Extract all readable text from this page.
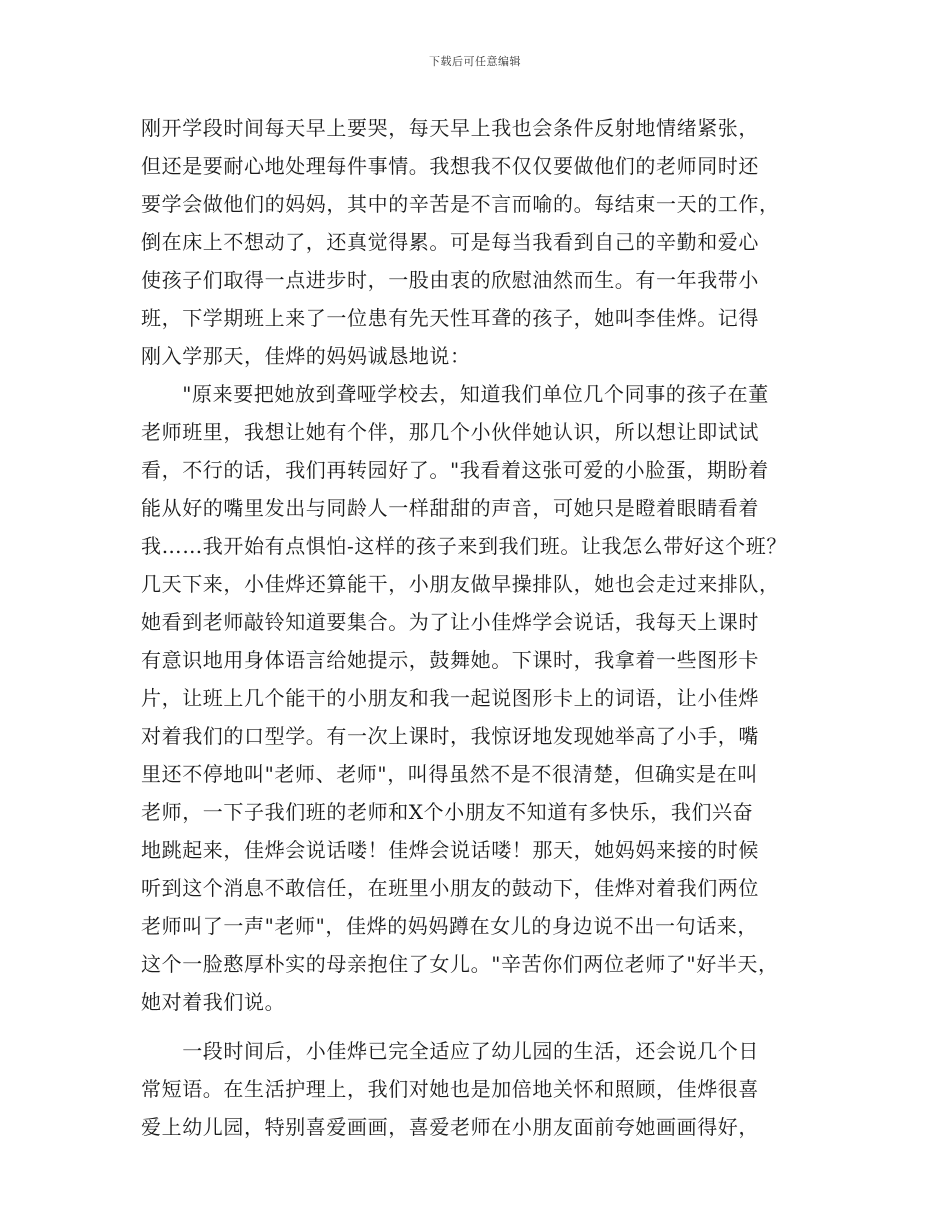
下载后可任意编辑
刚开学段时间每天早上要哭，每天早上我也会条件反射地情绪紧张，
但还是要耐心地处理每件事情。我想我不仅仅要做他们的老师同时还
要学会做他们的妈妈，其中的辛苦是不言而喻的。每结束一天的工作，
倒在床上不想动了，还真觉得累。可是每当我看到自己的辛勤和爱心
使孩子们取得一点进步时，一股由衷的欣慰油然而生。有一年我带小
班，下学期班上来了一位患有先天性耳聋的孩子，她叫李佳烨。记得
刚入学那天，佳烨的妈妈诚恳地说：
　　"原来要把她放到聋哑学校去，知道我们单位几个同事的孩子在董
老师班里，我想让她有个伴，那几个小伙伴她认识，所以想让即试试
看，不行的话，我们再转园好了。"我看着这张可爱的小脸蛋，期盼着
能从好的嘴里发出与同龄人一样甜甜的声音，可她只是瞪着眼睛看着
我……我开始有点惧怕-这样的孩子来到我们班。让我怎么带好这个班？
几天下来，小佳烨还算能干，小朋友做早操排队，她也会走过来排队，
她看到老师敲铃知道要集合。为了让小佳烨学会说话，我每天上课时
有意识地用身体语言给她提示，鼓舞她。下课时，我拿着一些图形卡
片，让班上几个能干的小朋友和我一起说图形卡上的词语，让小佳烨
对着我们的口型学。有一次上课时，我惊讶地发现她举高了小手，嘴
里还不停地叫"老师、老师"，叫得虽然不是不很清楚，但确实是在叫
老师，一下子我们班的老师和X个小朋友不知道有多快乐，我们兴奋
地跳起来，佳烨会说话喽！佳烨会说话喽！那天，她妈妈来接的时候
听到这个消息不敢信任，在班里小朋友的鼓动下，佳烨对着我们两位
老师叫了一声"老师"，佳烨的妈妈蹲在女儿的身边说不出一句话来，
这个一脸憨厚朴实的母亲抱住了女儿。"辛苦你们两位老师了"好半天，
她对着我们说。
　　一段时间后，小佳烨已完全适应了幼儿园的生活，还会说几个日
常短语。在生活护理上，我们对她也是加倍地关怀和照顾，佳烨很喜
爱上幼儿园，特别喜爱画画，喜爱老师在小朋友面前夸她画画得好，
